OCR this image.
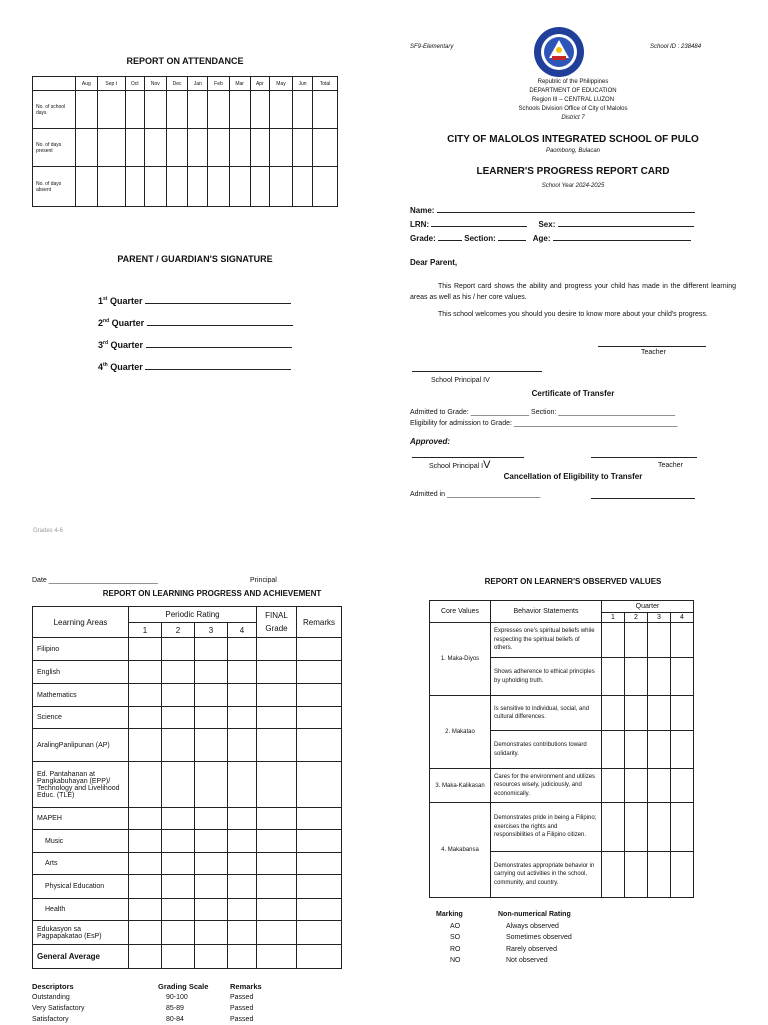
REPORT ON ATTENDANCE
	Aug	Sep t	Oct	Nov	Dec	Jan	Feb	Mar	Apr	May	Jun	Total
No. of school days												
No. of days present												
No. of days absent												
PARENT / GUARDIAN'S SIGNATURE
1st Quarter
2nd Quarter
3rd Quarter
4th Quarter
Grades 4-6
SF9-Elementary	School ID : 238484
Republic of the Philippines
DEPARTMENT OF EDUCATION
Region III – CENTRAL LUZON
Schools Division Office of City of Malolos
District 7
CITY OF MALOLOS INTEGRATED SCHOOL OF PULO
Paombong, Bulacan
LEARNER'S PROGRESS REPORT CARD
School Year 2024-2025
Name:
LRN:	Sex:
Grade:	Section:	Age:
Dear Parent,
This Report card shows the ability and progress your child has made in the different learning areas as well as his / her core values.
This school welcomes you should you desire to know more about your child's progress.
Teacher
School Principal IV
Certificate of Transfer
Admitted to Grade: _______________ Section: ______________________________
Eligibility for admission to Grade: __________________________________________
Approved:
School Principal IV	Teacher
Cancellation of Eligibility to Transfer
Admitted in ________________________
Date ____________________________	Principal
REPORT ON LEARNING PROGRESS AND ACHIEVEMENT
Learning Areas	Periodic Rating				FINAL Grade	Remarks
	1	2	3	4		
Filipino						
English						
Mathematics						
Science						
AralingPanlipunan (AP)						
Ed. Pantahanan at Pangkabuhayan (EPP)/ Technology and Livelihood Educ. (TLE)						
MAPEH						
Music						
Arts						
Physical Education						
Health						
Edukasyon sa Pagpapakatao (EsP)						
General Average						
Descriptors	Grading Scale	Remarks
Outstanding	90-100	Passed
Very Satisfactory	85-89	Passed
Satisfactory	80-84	Passed
REPORT ON LEARNER'S OBSERVED VALUES
Core Values	Behavior Statements	Quarter			
		1	2	3	4
1. Maka-Diyos	Expresses one's spiritual beliefs while respecting the spiritual beliefs of others.				
	Shows adherence to ethical principles by upholding truth.				
2. Makatao	Is sensitive to individual, social, and cultural differences.				
	Demonstrates contributions toward solidarity.				
3. Maka-Kalikasan	Cares for the environment and utilizes resources wisely, judiciously, and economically.				
4. Makabansa	Demonstrates pride in being a Filipino; exercises the rights and responsibilities of a Filipino citizen.				
	Demonstrates appropriate behavior in carrying out activities in the school, community, and country.				
Marking	Non-numerical Rating
AO	Always observed
SO	Sometimes observed
RO	Rarely observed
NO	Not observed
